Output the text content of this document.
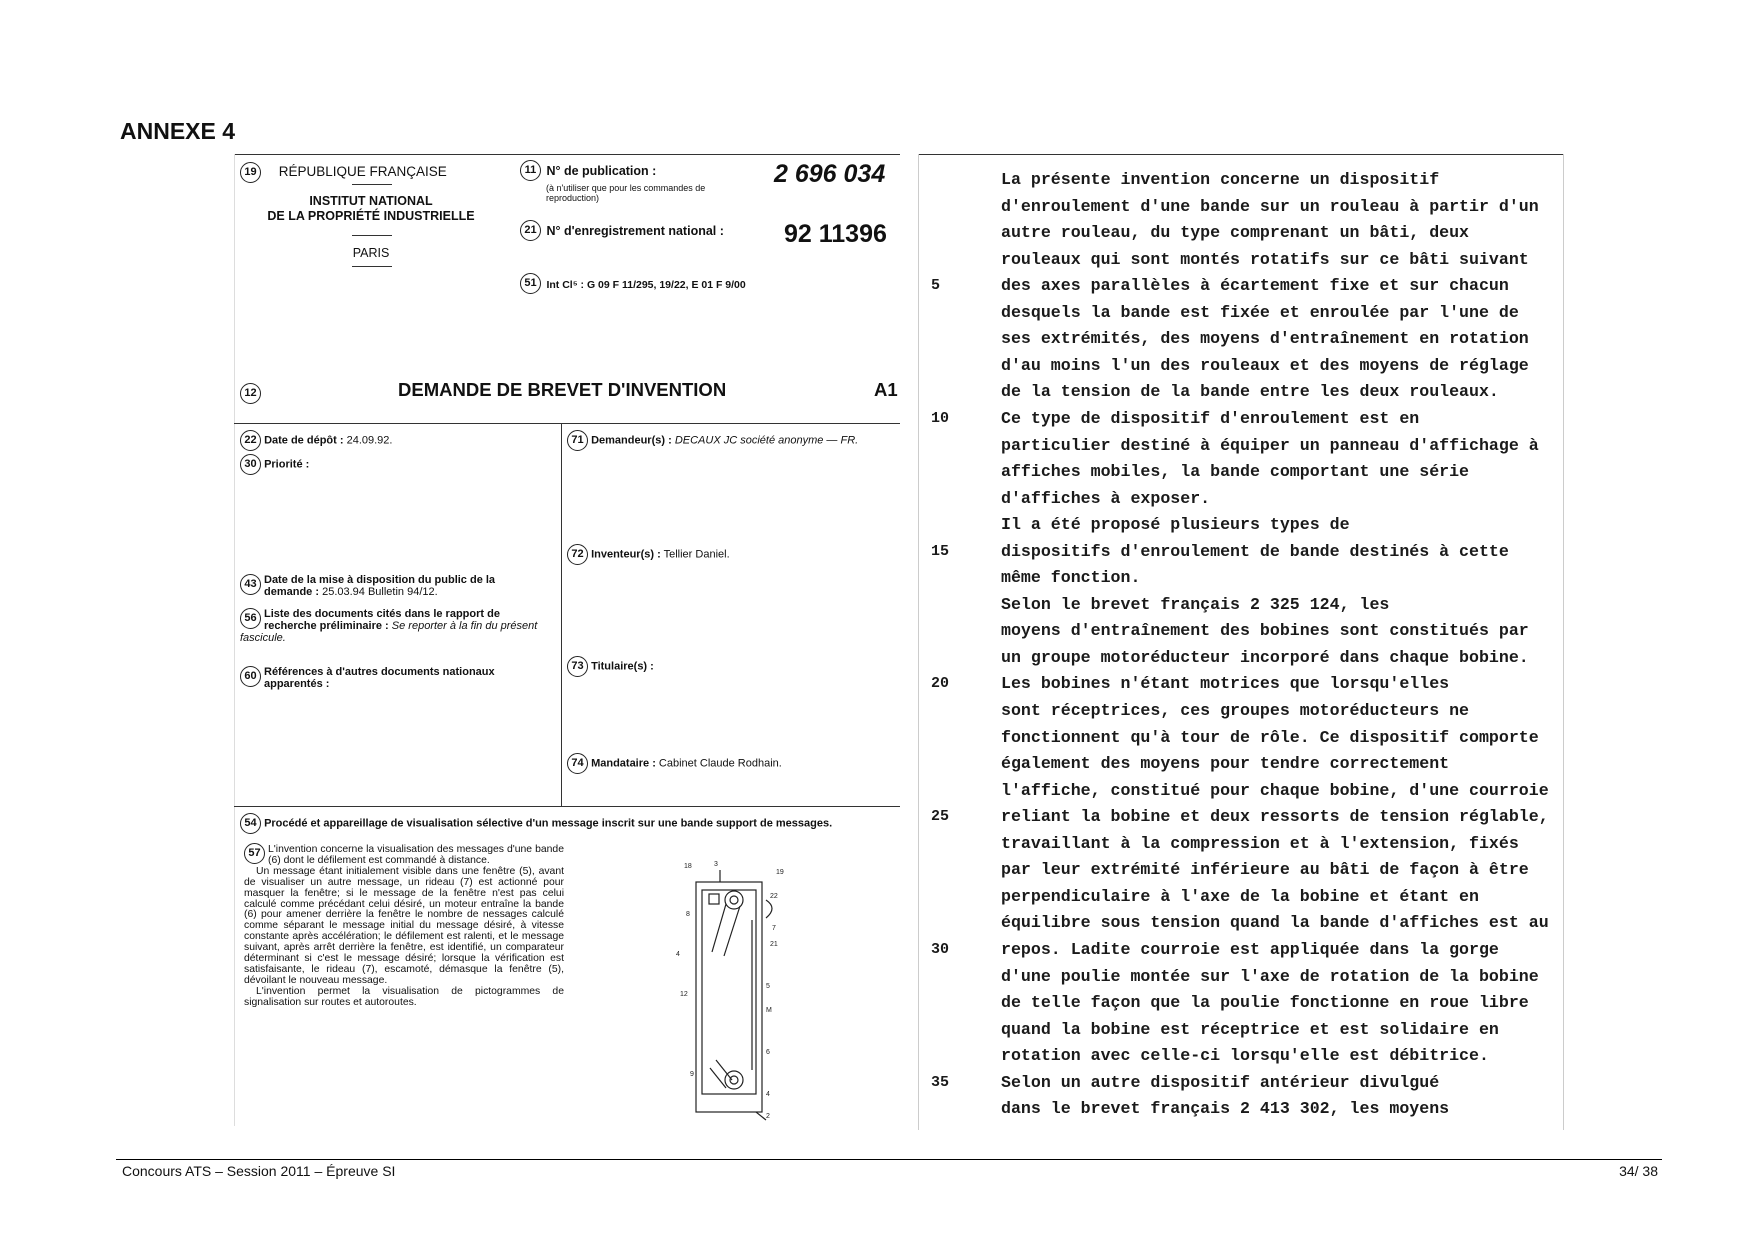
ANNEXE 4
19 RÉPUBLIQUE FRANÇAISE
INSTITUT NATIONAL
DE LA PROPRIÉTÉ INDUSTRIELLE
PARIS
11 N° de publication :
(à n'utiliser que pour les commandes de reproduction)
2 696 034
21 N° d'enregistrement national : 92 11396
51 Int Cl⁵ : G 09 F 11/295, 19/22, E 01 F 9/00
12	DEMANDE DE BREVET D'INVENTION	A1
22 Date de dépôt : 24.09.92.
30 Priorité :
43 Date de la mise à disposition du public de la demande : 25.03.94 Bulletin 94/12.
56 Liste des documents cités dans le rapport de recherche préliminaire : Se reporter à la fin du présent fascicule.
60 Références à d'autres documents nationaux apparentés :
71 Demandeur(s) : DECAUX JC société anonyme — FR.
72 Inventeur(s) : Tellier Daniel.
73 Titulaire(s) :
74 Mandataire : Cabinet Claude Rodhain.
54 Procédé et appareillage de visualisation sélective d'un message inscrit sur une bande support de messages.
57 L'invention concerne la visualisation des messages d'une bande (6) dont le défilement est commandé à distance.
Un message étant initialement visible dans une fenêtre (5), avant de visualiser un autre message, un rideau (7) est actionné pour masquer la fenêtre; si le message de la fenêtre n'est pas celui calculé comme précédant celui désiré, un moteur entraîne la bande (6) pour amener derrière la fenêtre le nombre de nessages calculé comme séparant le message initial du message désiré, à vitesse constante après accélération; le défilement est ralenti, et le message suivant, après arrêt derrière la fenêtre, est identifié, un comparateur déterminant si c'est le message désiré; lorsque la vérification est satisfaisante, le rideau (7), escamoté, démasque la fenêtre (5), dévoilant le nouveau message.
L'invention permet la visualisation de pictogrammes de signalisation sur routes et autoroutes.
18	3
19
22
8
7
21
4
5
12
M
6
9
4
2
La présente invention concerne un dispositif
d'enroulement d'une bande sur un rouleau à partir d'un
autre rouleau, du type comprenant un bâti, deux
rouleaux qui sont montés rotatifs sur ce bâti suivant
des axes parallèles à écartement fixe et sur chacun
desquels la bande est fixée et enroulée par l'une de
ses extrémités, des moyens d'entraînement en rotation
d'au moins l'un des rouleaux et des moyens de réglage
de la tension de la bande entre les deux rouleaux.
Ce type de dispositif d'enroulement est en
particulier destiné à équiper un panneau d'affichage à
affiches mobiles, la bande comportant une série
d'affiches à exposer.
Il a été proposé plusieurs types de
dispositifs d'enroulement de bande destinés à cette
même fonction.
Selon le brevet français 2 325 124, les
moyens d'entraînement des bobines sont constitués par
un groupe motoréducteur incorporé dans chaque bobine.
Les bobines n'étant motrices que lorsqu'elles
sont réceptrices, ces groupes motoréducteurs ne
fonctionnent qu'à tour de rôle. Ce dispositif comporte
également des moyens pour tendre correctement
l'affiche, constitué pour chaque bobine, d'une courroie
reliant la bobine et deux ressorts de tension réglable,
travaillant à la compression et à l'extension, fixés
par leur extrémité inférieure au bâti de façon à être
perpendiculaire à l'axe de la bobine et étant en
équilibre sous tension quand la bande d'affiches est au
repos. Ladite courroie est appliquée dans la gorge
d'une poulie montée sur l'axe de rotation de la bobine
de telle façon que la poulie fonctionne en roue libre
quand la bobine est réceptrice et est solidaire en
rotation avec celle-ci lorsqu'elle est débitrice.
Selon un autre dispositif antérieur divulgué
dans le brevet français 2 413 302, les moyens
5
10
15
20
25
30
35
Concours ATS – Session 2011 – Épreuve SI	34/ 38
